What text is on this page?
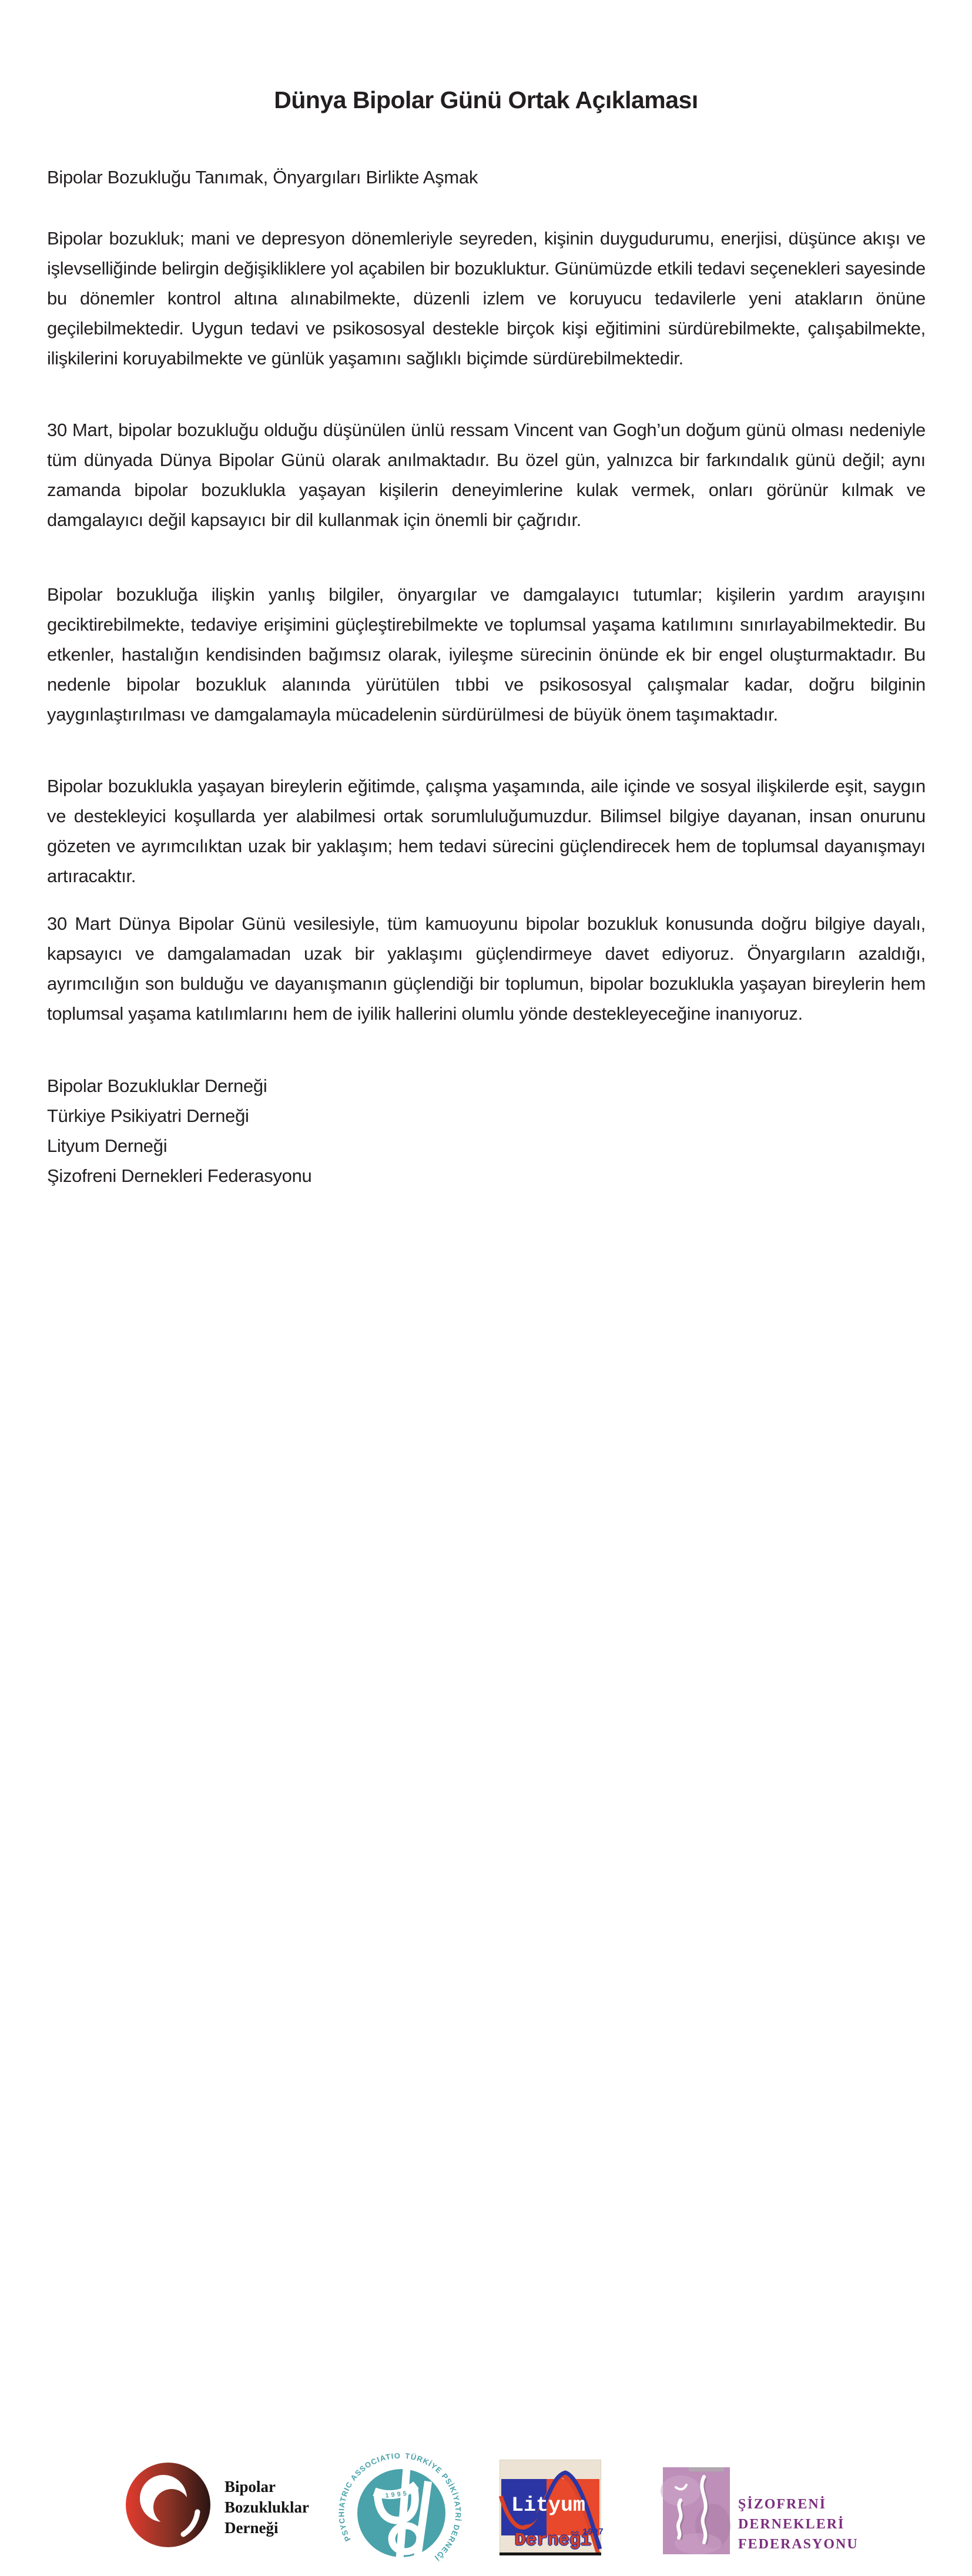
Dünya Bipolar Günü Ortak Açıklaması
Bipolar Bozukluğu Tanımak, Önyargıları Birlikte Aşmak

Bipolar bozukluk; mani ve depresyon dönemleriyle seyreden, kişinin duygudurumu, enerjisi, düşünce akışı ve işlevselliğinde belirgin değişikliklere yol açabilen bir bozukluktur. Günümüzde etkili tedavi seçenekleri sayesinde bu dönemler kontrol altına alınabilmekte, düzenli izlem ve koruyucu tedavilerle yeni atakların önüne geçilebilmektedir. Uygun tedavi ve psikososyal destekle birçok kişi eğitimini sürdürebilmekte, çalışabilmekte, ilişkilerini koruyabilmekte ve günlük yaşamını sağlıklı biçimde sürdürebilmektedir.

30 Mart, bipolar bozukluğu olduğu düşünülen ünlü ressam Vincent van Gogh’un doğum günü olması nedeniyle tüm dünyada Dünya Bipolar Günü olarak anılmaktadır. Bu özel gün, yalnızca bir farkındalık günü değil; aynı zamanda bipolar bozuklukla yaşayan kişilerin deneyimlerine kulak vermek, onları görünür kılmak ve damgalayıcı değil kapsayıcı bir dil kullanmak için önemli bir çağrıdır.

Bipolar bozukluğa ilişkin yanlış bilgiler, önyargılar ve damgalayıcı tutumlar; kişilerin yardım arayışını geciktirebilmekte, tedaviye erişimini güçleştirebilmekte ve toplumsal yaşama katılımını sınırlayabilmektedir. Bu etkenler, hastalığın kendisinden bağımsız olarak, iyileşme sürecinin önünde ek bir engel oluşturmaktadır. Bu nedenle bipolar bozukluk alanında yürütülen tıbbi ve psikososyal çalışmalar kadar, doğru bilginin yaygınlaştırılması ve damgalamayla mücadelenin sürdürülmesi de büyük önem taşımaktadır.

Bipolar bozuklukla yaşayan bireylerin eğitimde, çalışma yaşamında, aile içinde ve sosyal ilişkilerde eşit, saygın ve destekleyici koşullarda yer alabilmesi ortak sorumluluğumuzdur. Bilimsel bilgiye dayanan, insan onurunu gözeten ve ayrımcılıktan uzak bir yaklaşım; hem tedavi sürecini güçlendirecek hem de toplumsal dayanışmayı artıracaktır.

30 Mart Dünya Bipolar Günü vesilesiyle, tüm kamuoyunu bipolar bozukluk konusunda doğru bilgiye dayalı, kapsayıcı ve damgalamadan uzak bir yaklaşımı güçlendirmeye davet ediyoruz. Önyargıların azaldığı, ayrımcılığın son bulduğu ve dayanışmanın güçlendiği bir toplumun, bipolar bozuklukla yaşayan bireylerin hem toplumsal yaşama katılımlarını hem de iyilik hallerini olumlu yönde destekleyeceğine inanıyoruz.

Bipolar Bozukluklar Derneği
Türkiye Psikiyatri Derneği
Lityum Derneği
Şizofreni Dernekleri Federasyonu
Bipolar
Bozukluklar
Derneği
PSYCHIATRIC ASSOCIATION OF TURKEY
TÜRKİYE PSİKİYATRİ DERNEĞİ
1995	Lityum
Derneği
1997
ŞİZOFRENİ
DERNEKLERİ
FEDERASYONU
